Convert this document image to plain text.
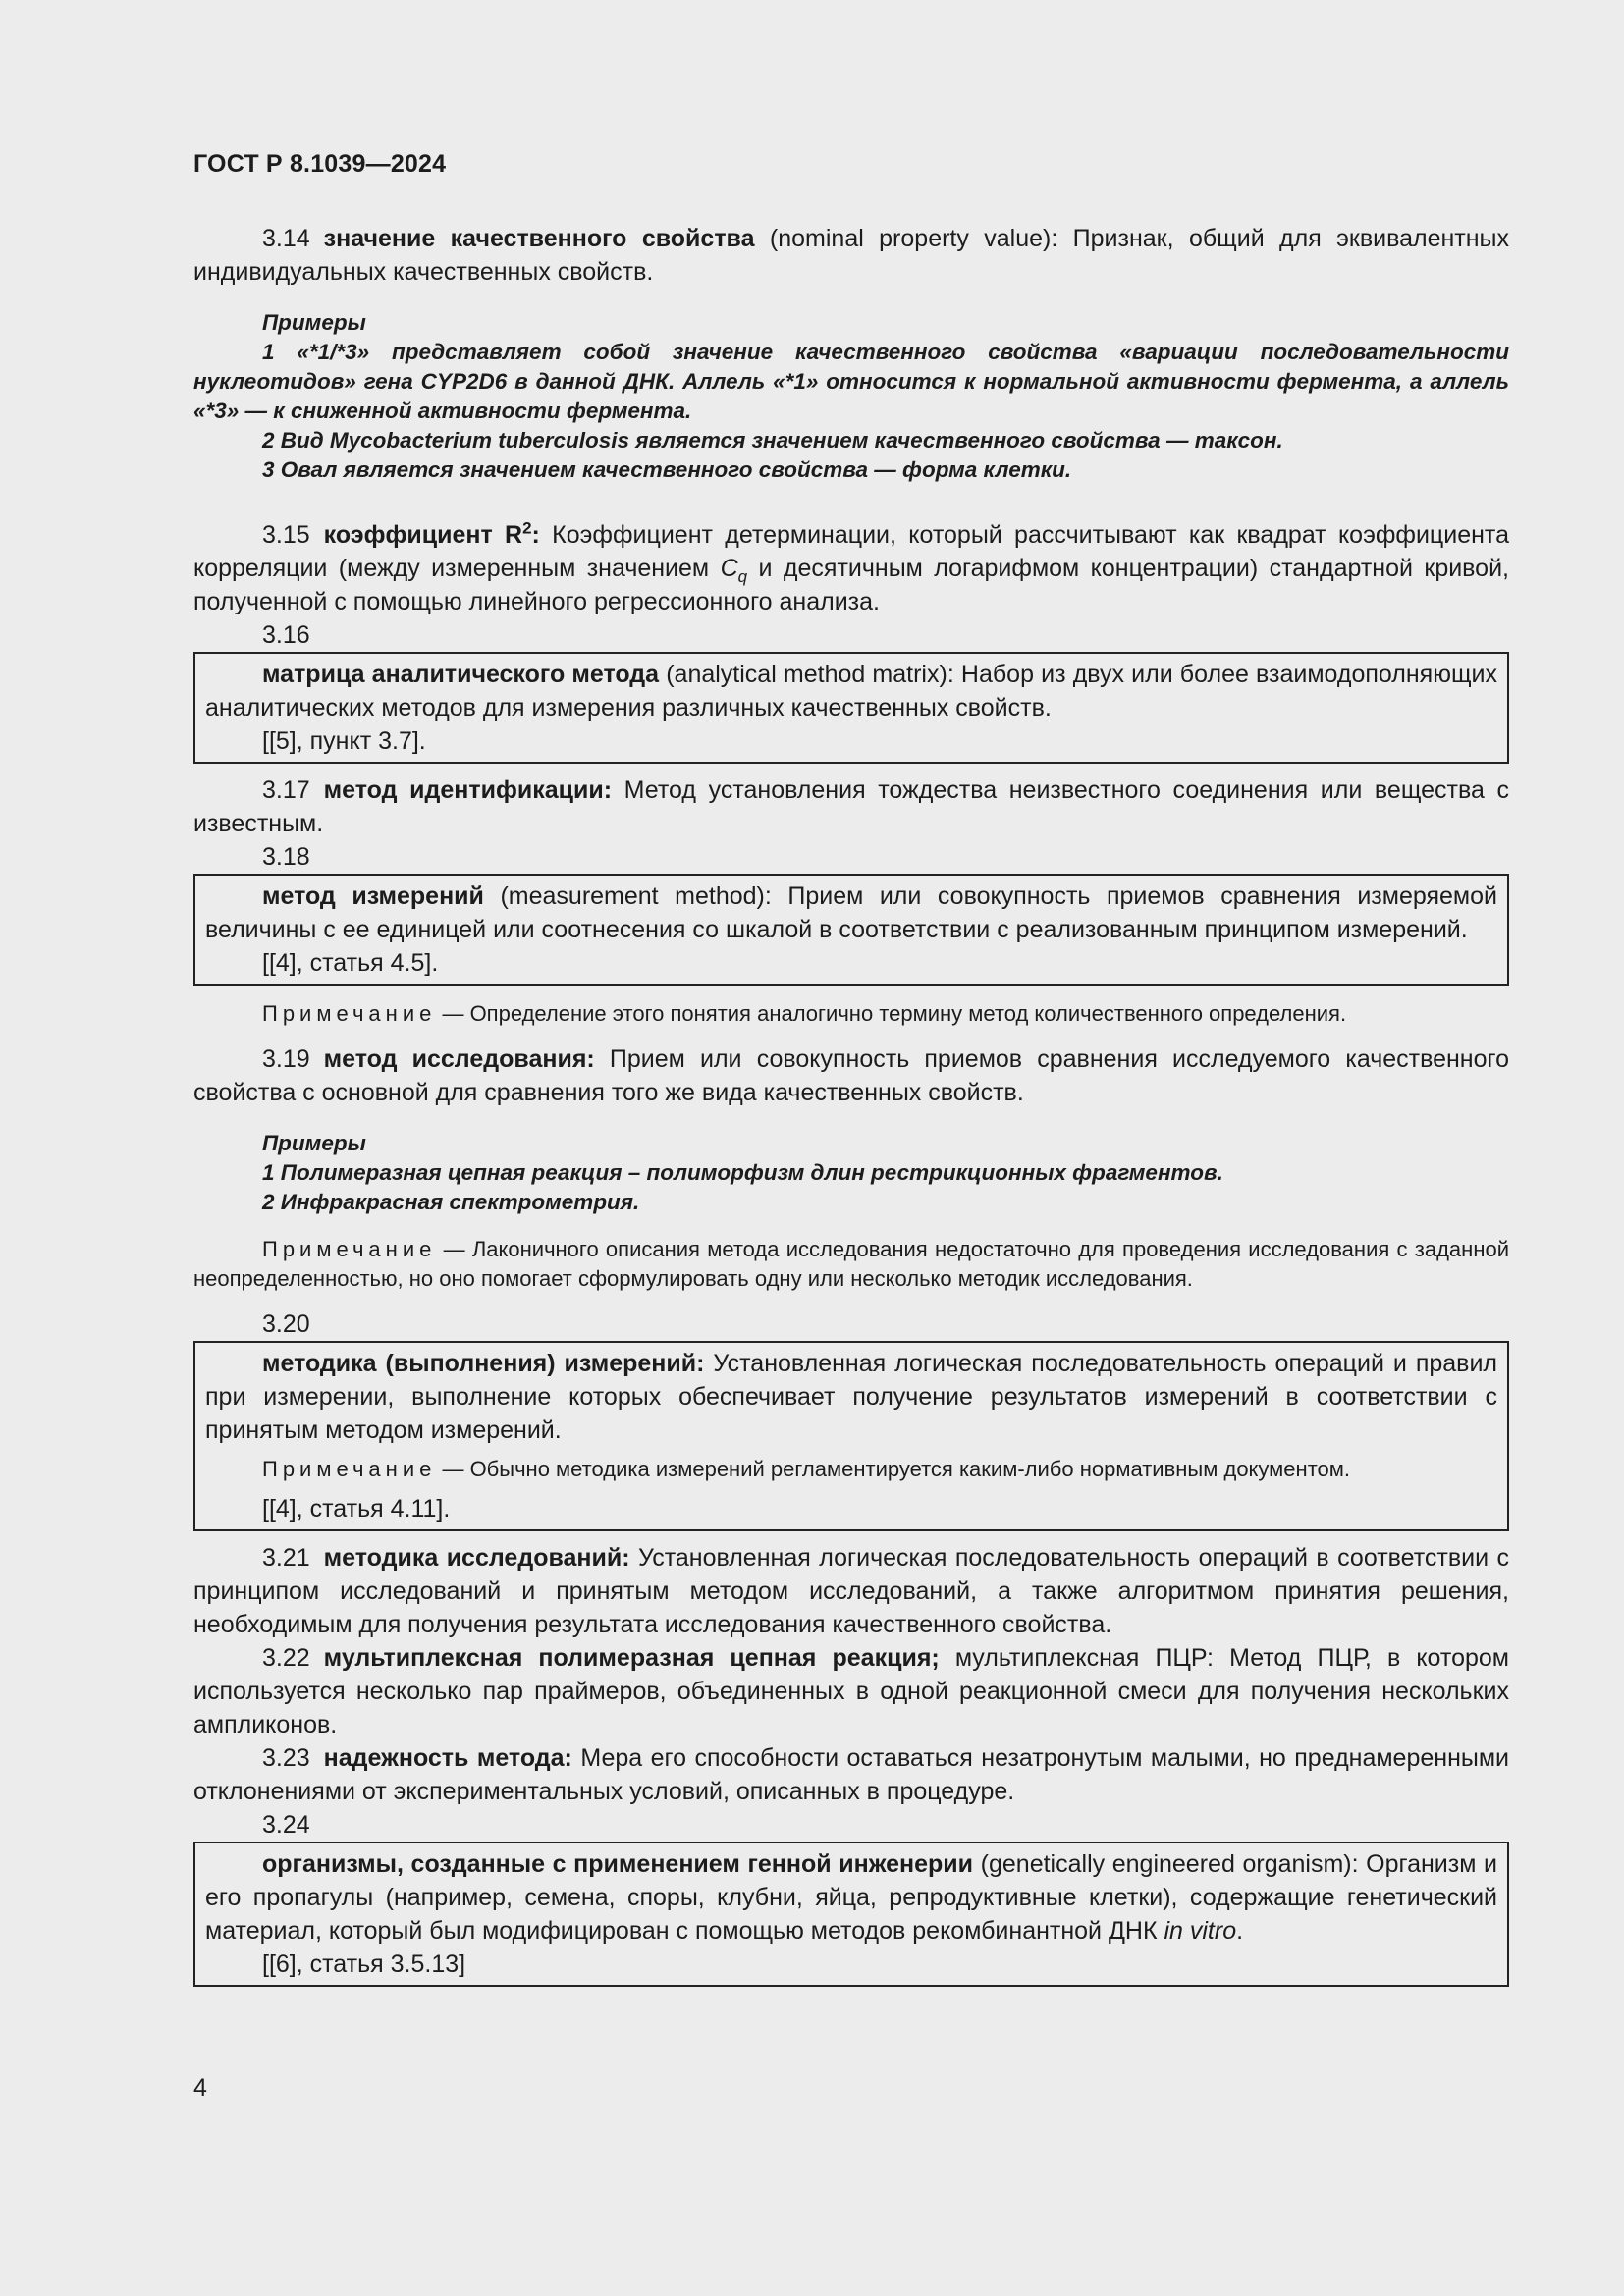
ГОСТ Р 8.1039—2024

3.14 значение качественного свойства (nominal property value): Признак, общий для эквивалентных индивидуальных качественных свойств.

Примеры
1 «*1/*3» представляет собой значение качественного свойства «вариации последовательности нуклеотидов» гена CYP2D6 в данной ДНК. Аллель «*1» относится к нормальной активности фермента, а аллель «*3» — к сниженной активности фермента.
2 Вид Mycobacterium tuberculosis является значением качественного свойства — таксон.
3 Овал является значением качественного свойства — форма клетки.

3.15 коэффициент $R^2$: Коэффициент детерминации, который рассчитывают как квадрат коэффициента корреляции (между измеренным значением $C_q$ и десятичным логарифмом концентрации) стандартной кривой, полученной с помощью линейного регрессионного анализа.

3.16

матрица аналитического метода (analytical method matrix): Набор из двух или более взаимодополняющих аналитических методов для измерения различных качественных свойств.

[[5], пункт 3.7].

3.17 метод идентификации: Метод установления тождества неизвестного соединения или вещества с известным.

3.18

метод измерений (measurement method): Прием или совокупность приемов сравнения измеряемой величины с ее единицей или соотнесения со шкалой в соответствии с реализованным принципом измерений.

[[4], статья 4.5].

Примечание — Определение этого понятия аналогично термину метод количественного определения.

3.19 метод исследования: Прием или совокупность приемов сравнения исследуемого качественного свойства с основной для сравнения того же вида качественных свойств.

Примеры
1 Полимеразная цепная реакция – полиморфизм длин рестрикционных фрагментов.
2 Инфракрасная спектрометрия.

Примечание — Лаконичного описания метода исследования недостаточно для проведения исследования с заданной неопределенностью, но оно помогает сформулировать одну или несколько методик исследования.

3.20

методика (выполнения) измерений: Установленная логическая последовательность операций и правил при измерении, выполнение которых обеспечивает получение результатов измерений в соответствии с принятым методом измерений.

Примечание — Обычно методика измерений регламентируется каким-либо нормативным документом.

[[4], статья 4.11].

3.21 методика исследований: Установленная логическая последовательность операций в соответствии с принципом исследований и принятым методом исследований, а также алгоритмом принятия решения, необходимым для получения результата исследования качественного свойства.

3.22 мультиплексная полимеразная цепная реакция; мультиплексная ПЦР: Метод ПЦР, в котором используется несколько пар праймеров, объединенных в одной реакционной смеси для получения нескольких ампликонов.

3.23 надежность метода: Мера его способности оставаться незатронутым малыми, но преднамеренными отклонениями от экспериментальных условий, описанных в процедуре.

3.24

организмы, созданные с применением генной инженерии (genetically engineered organism): Организм и его пропагулы (например, семена, споры, клубни, яйца, репродуктивные клетки), содержащие генетический материал, который был модифицирован с помощью методов рекомбинантной ДНК in vitro.

[[6], статья 3.5.13]
4
